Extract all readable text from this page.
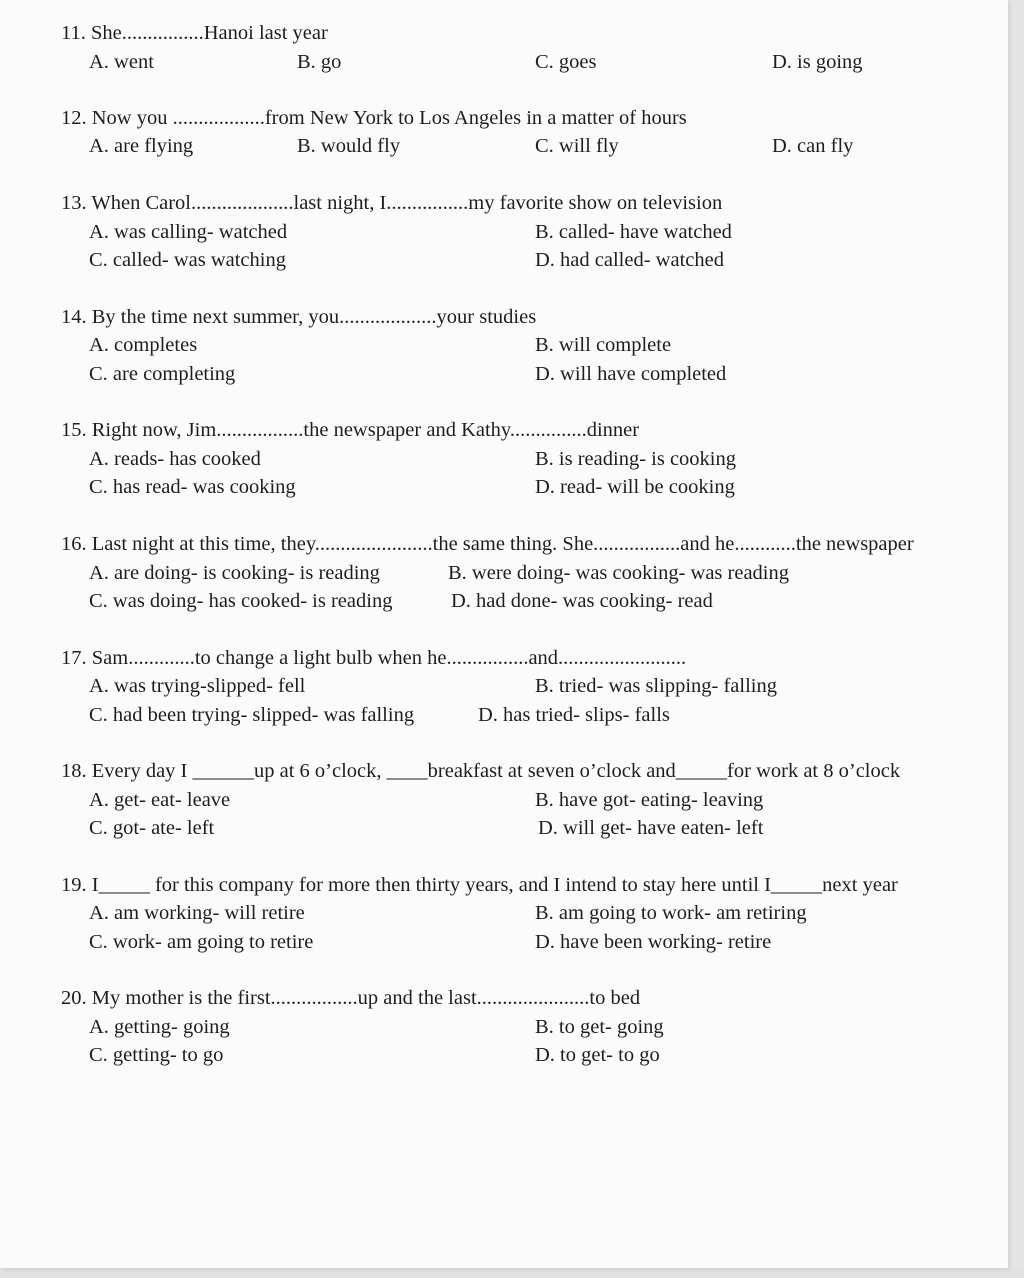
11. She................Hanoi last year
A. went	B. go	C. goes	D. is going
12. Now you ..................from New York to Los Angeles in a matter of hours
A. are flying	B. would fly	C. will fly	D. can fly
13. When Carol....................last night, I................my favorite show on television
A. was calling- watched	B. called- have watched
C. called- was watching	D. had called- watched
14. By the time next summer, you...................your studies
A. completes	B. will complete
C. are completing	D. will have completed
15. Right now, Jim.................the newspaper and Kathy...............dinner
A. reads- has cooked	B. is reading- is cooking
C. has read- was cooking	D. read- will be cooking
16. Last night at this time, they.......................the same thing. She.................and he............the newspaper
A. are doing- is cooking- is reading	B. were doing- was cooking- was reading
C. was doing- has cooked- is reading	D. had done- was cooking- read
17. Sam.............to change a light bulb when he................and.........................
A. was trying-slipped- fell	B. tried- was slipping- falling
C. had been trying- slipped- was falling	D. has tried- slips- falls
18. Every day I ______up at 6 o’clock, ____breakfast at seven o’clock and_____for work at 8 o’clock
A. get- eat- leave	B. have got- eating- leaving
C. got- ate- left	D. will get- have eaten- left
19. I_____ for this company for more then thirty years, and I intend to stay here until I_____next year
A. am working- will retire	B. am going to work- am retiring
C. work- am going to retire	D. have been working- retire
20. My mother is the first.................up and the last......................to bed
A. getting- going	B. to get- going
C. getting- to go	D. to get- to go
